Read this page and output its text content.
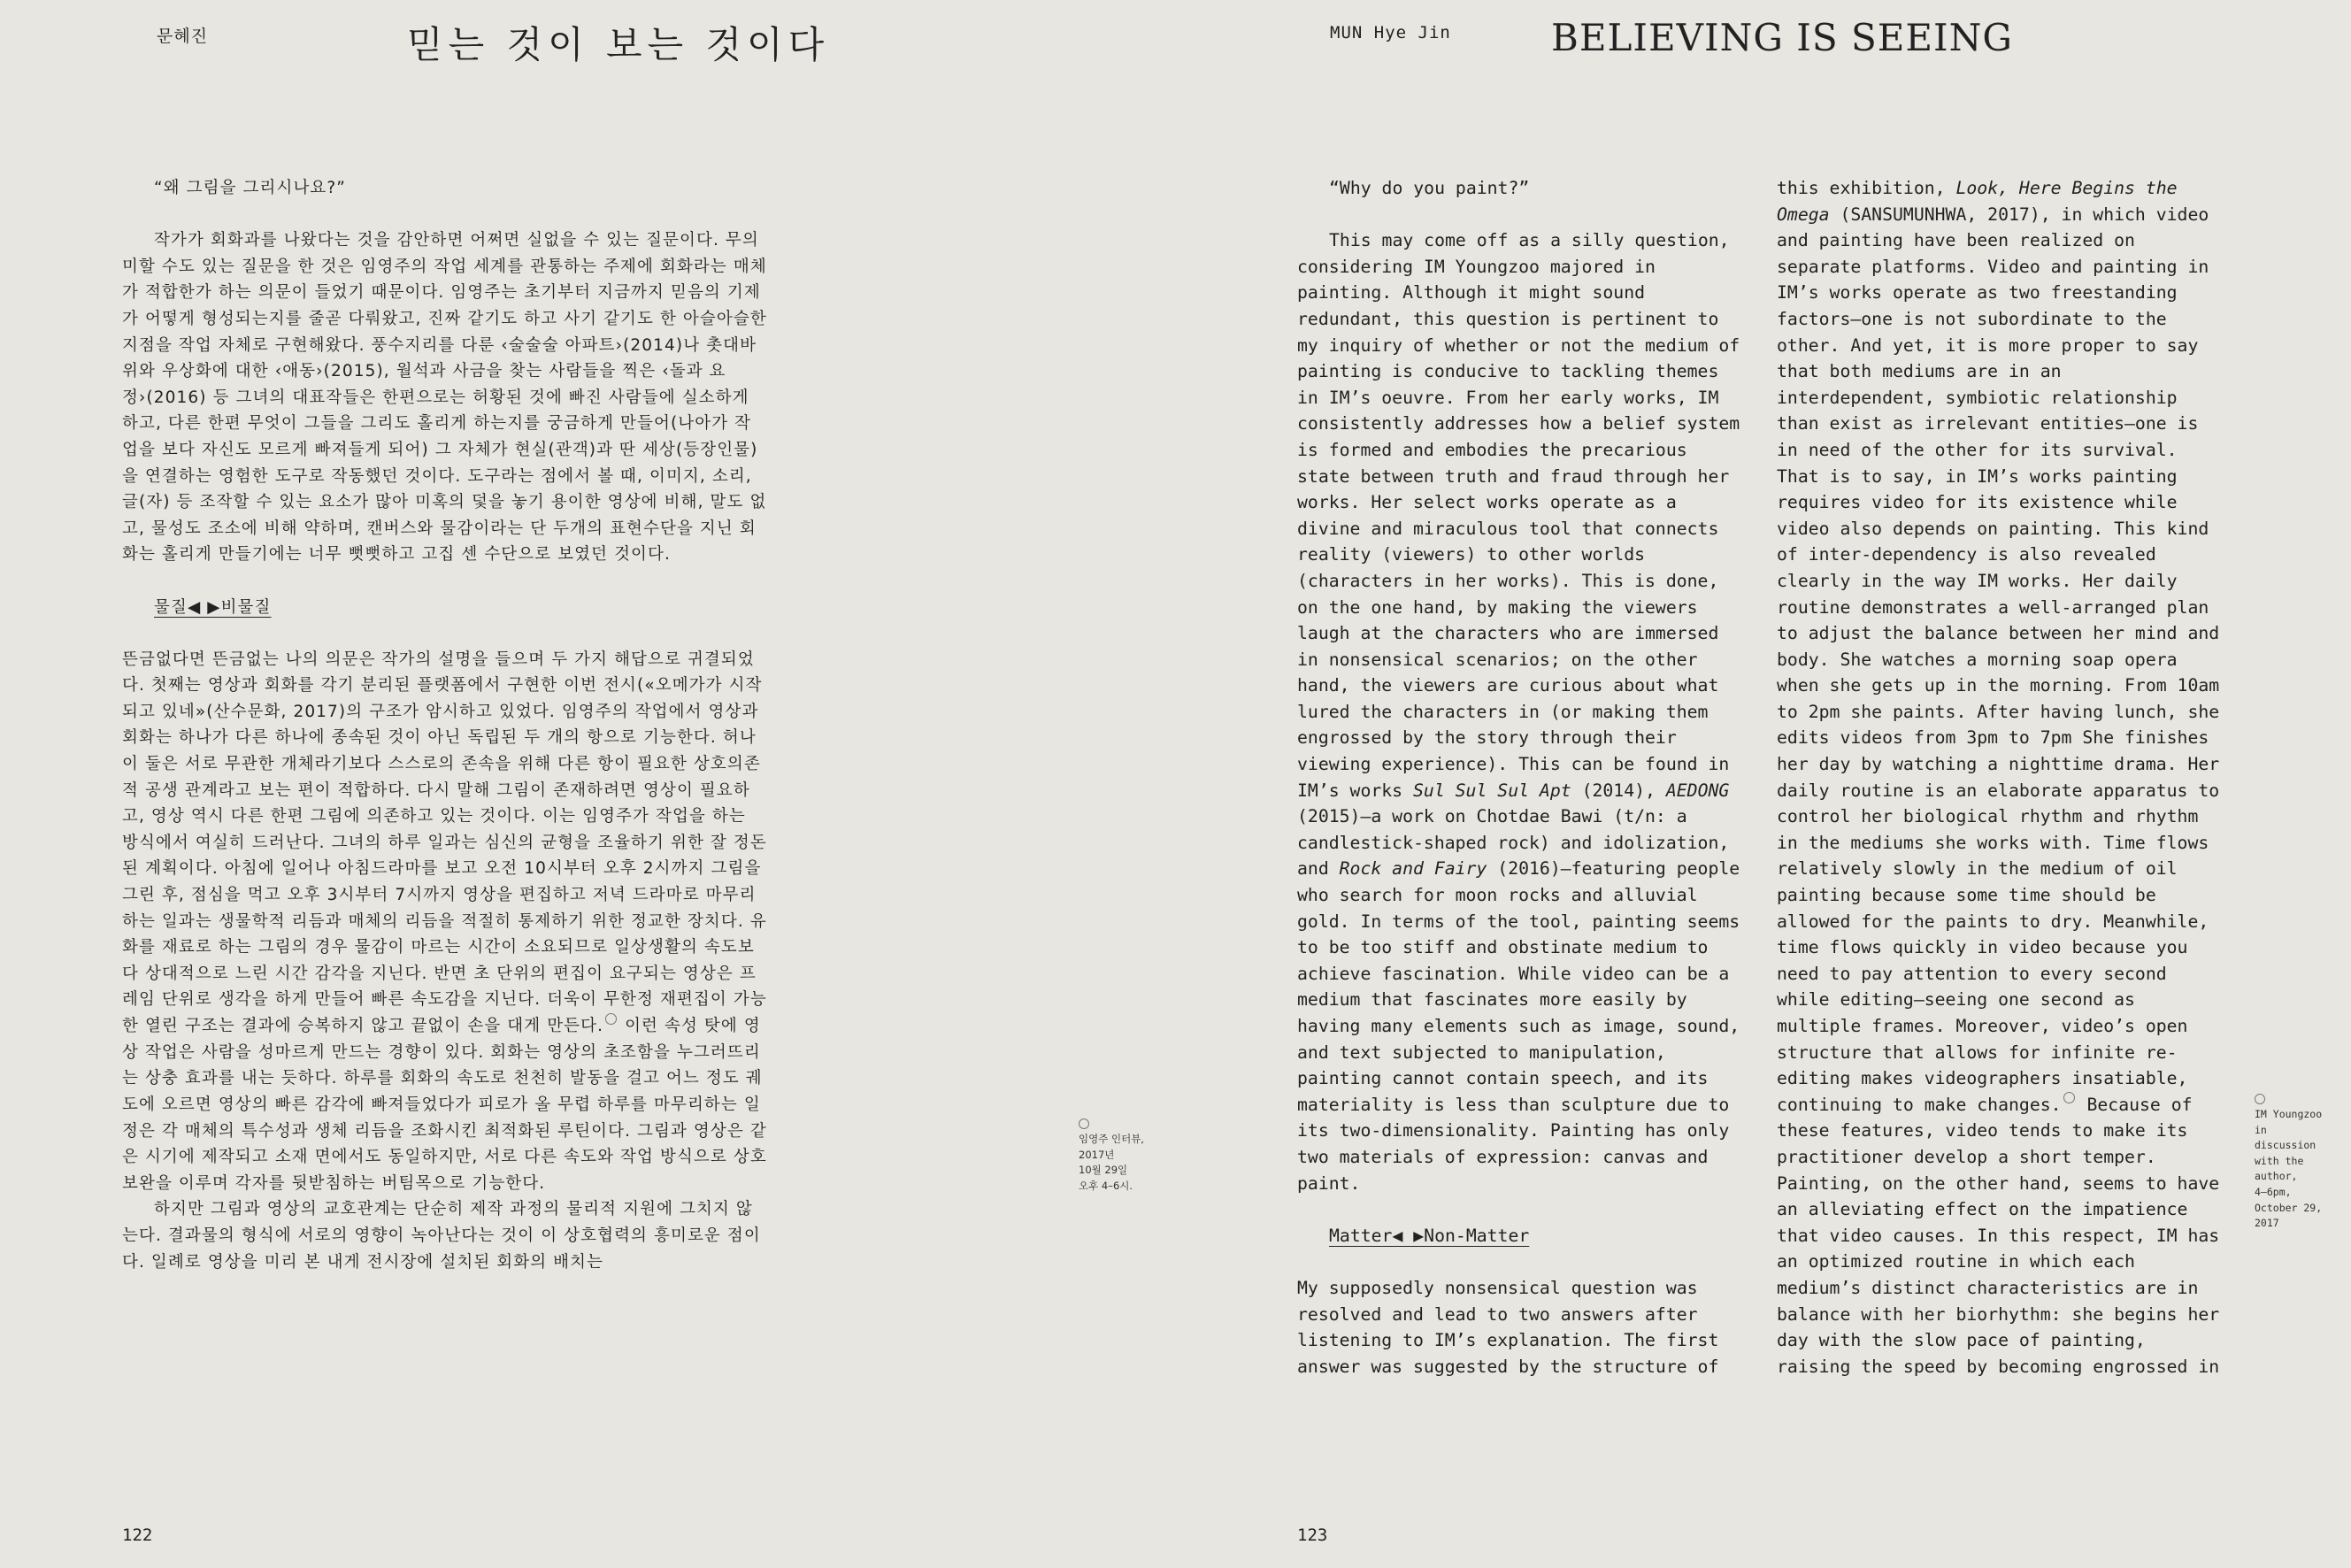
문혜진	믿는 것이 보는 것이다

“왜 그림을 그리시나요?”

작가가 회화과를 나왔다는 것을 감안하면 어쩌면 실없을 수 있는 질문이다. 무의미할 수도 있는 질문을 한 것은 임영주의 작업 세계를 관통하는 주제에 회화라는 매체가 적합한가 하는 의문이 들었기 때문이다. 임영주는 초기부터 지금까지 믿음의 기제가 어떻게 형성되는지를 줄곧 다뤄왔고, 진짜 같기도 하고 사기 같기도 한 아슬아슬한 지점을 작업 자체로 구현해왔다. 풍수지리를 다룬 ‹술술술 아파트›(2014)나 촛대바위와 우상화에 대한 ‹애동›(2015), 월석과 사금을 찾는 사람들을 찍은 ‹돌과 요정›(2016) 등 그녀의 대표작들은 한편으로는 허황된 것에 빠진 사람들에 실소하게 하고, 다른 한편 무엇이 그들을 그리도 홀리게 하는지를 궁금하게 만들어(나아가 작업을 보다 자신도 모르게 빠져들게 되어) 그 자체가 현실(관객)과 딴 세상(등장인물)을 연결하는 영험한 도구로 작동했던 것이다. 도구라는 점에서 볼 때, 이미지, 소리, 글(자) 등 조작할 수 있는 요소가 많아 미혹의 덫을 놓기 용이한 영상에 비해, 말도 없고, 물성도 조소에 비해 약하며, 캔버스와 물감이라는 단 두개의 표현수단을 지닌 회화는 홀리게 만들기에는 너무 뻣뻣하고 고집 센 수단으로 보였던 것이다.

물질◀ ▶비물질

뜬금없다면 뜬금없는 나의 의문은 작가의 설명을 들으며 두 가지 해답으로 귀결되었다. 첫째는 영상과 회화를 각기 분리된 플랫폼에서 구현한 이번 전시(«오메가가 시작되고 있네»(산수문화, 2017)의 구조가 암시하고 있었다. 임영주의 작업에서 영상과 회화는 하나가 다른 하나에 종속된 것이 아닌 독립된 두 개의 항으로 기능한다. 허나 이 둘은 서로 무관한 개체라기보다 스스로의 존속을 위해 다른 항이 필요한 상호의존적 공생 관계라고 보는 편이 적합하다. 다시 말해 그림이 존재하려면 영상이 필요하고, 영상 역시 다른 한편 그림에 의존하고 있는 것이다. 이는 임영주가 작업을 하는 방식에서 여실히 드러난다. 그녀의 하루 일과는 심신의 균형을 조율하기 위한 잘 정돈된 계획이다. 아침에 일어나 아침드라마를 보고 오전 10시부터 오후 2시까지 그림을 그린 후, 점심을 먹고 오후 3시부터 7시까지 영상을 편집하고 저녁 드라마로 마무리하는 일과는 생물학적 리듬과 매체의 리듬을 적절히 통제하기 위한 정교한 장치다. 유화를 재료로 하는 그림의 경우 물감이 마르는 시간이 소요되므로 일상생활의 속도보다 상대적으로 느린 시간 감각을 지닌다. 반면 초 단위의 편집이 요구되는 영상은 프레임 단위로 생각을 하게 만들어 빠른 속도감을 지닌다. 더욱이 무한정 재편집이 가능한 열린 구조는 결과에 승복하지 않고 끝없이 손을 대게 만든다. 이런 속성 탓에 영상 작업은 사람을 성마르게 만드는 경향이 있다. 회화는 영상의 초조함을 누그러뜨리는 상충 효과를 내는 듯하다. 하루를 회화의 속도로 천천히 발동을 걸고 어느 정도 궤도에 오르면 영상의 빠른 감각에 빠져들었다가 피로가 올 무렵 하루를 마무리하는 일정은 각 매체의 특수성과 생체 리듬을 조화시킨 최적화된 루틴이다. 그림과 영상은 같은 시기에 제작되고 소재 면에서도 동일하지만, 서로 다른 속도와 작업 방식으로 상호 보완을 이루며 각자를 뒷받침하는 버팀목으로 기능한다.

하지만 그림과 영상의 교호관계는 단순히 제작 과정의 물리적 지원에 그치지 않는다. 결과물의 형식에 서로의 영향이 녹아난다는 것이 이 상호협력의 흥미로운 점이다. 일례로 영상을 미리 본 내게 전시장에 설치된 회화의 배치는

임영주 인터뷰,
2017년
10월 29일
오후 4–6시.
122
MUN Hye Jin	BELIEVING IS SEEING

“Why do you paint?”

This may come off as a silly question, considering IM Youngzoo majored in painting. Although it might sound redundant, this question is pertinent to my inquiry of whether or not the medium of painting is conducive to tackling themes in IM’s oeuvre. From her early works, IM consistently addresses how a belief system is formed and embodies the precarious state between truth and fraud through her works. Her select works operate as a divine and miraculous tool that connects reality (viewers) to other worlds (characters in her works). This is done, on the one hand, by making the viewers laugh at the characters who are immersed in nonsensical scenarios; on the other hand, the viewers are curious about what lured the characters in (or making them engrossed by the story through their viewing experience). This can be found in IM’s works Sul Sul Sul Apt (2014), AEDONG (2015)—a work on Chotdae Bawi (t/n: a candlestick-shaped rock) and idolization, and Rock and Fairy (2016)—featuring people who search for moon rocks and alluvial gold. In terms of the tool, painting seems to be too stiff and obstinate medium to achieve fascination. While video can be a medium that fascinates more easily by having many elements such as image, sound, and text subjected to manipulation, painting cannot contain speech, and its materiality is less than sculpture due to its two-dimensionality. Painting has only two materials of expression: canvas and paint.

Matter◀ ▶Non-Matter

My supposedly nonsensical question was resolved and lead to two answers after listening to IM’s explanation. The first answer was suggested by the structure of

this exhibition, Look, Here Begins the Omega (SANSUMUNHWA, 2017), in which video and painting have been realized on separate platforms. Video and painting in IM’s works operate as two freestanding factors—one is not subordinate to the other. And yet, it is more proper to say that both mediums are in an interdependent, symbiotic relationship than exist as irrelevant entities—one is in need of the other for its survival. That is to say, in IM’s works painting requires video for its existence while video also depends on painting. This kind of inter-dependency is also revealed clearly in the way IM works. Her daily routine demonstrates a well-arranged plan to adjust the balance between her mind and body. She watches a morning soap opera when she gets up in the morning. From 10am to 2pm she paints. After having lunch, she edits videos from 3pm to 7pm She finishes her day by watching a nighttime drama. Her daily routine is an elaborate apparatus to control her biological rhythm and rhythm in the mediums she works with. Time flows relatively slowly in the medium of oil painting because some time should be allowed for the paints to dry. Meanwhile, time flows quickly in video because you need to pay attention to every second while editing—seeing one second as multiple frames. Moreover, video’s open structure that allows for infinite re-editing makes videographers insatiable, continuing to make changes. Because of these features, video tends to make its practitioner develop a short temper. Painting, on the other hand, seems to have an alleviating effect on the impatience that video causes. In this respect, IM has an optimized routine in which each medium’s distinct characteristics are in balance with her biorhythm: she begins her day with the slow pace of painting, raising the speed by becoming engrossed in

IM Youngzoo
in
discussion
with the
author,
4–6pm,
October 29,
2017
123
